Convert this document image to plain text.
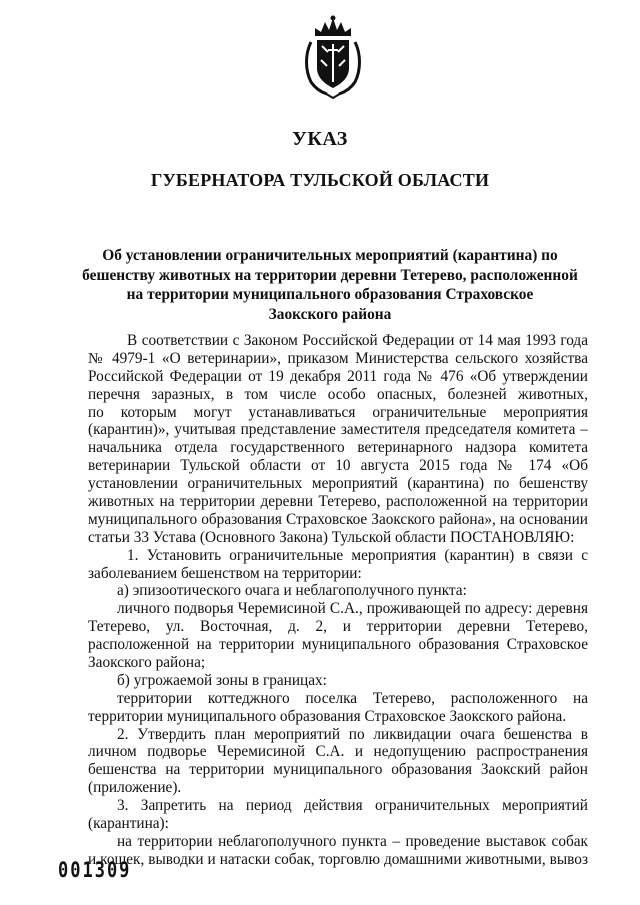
УКАЗ
ГУБЕРНАТОРА ТУЛЬСКОЙ ОБЛАСТИ
Об установлении ограничительных мероприятий (карантина) по
бешенству животных на территории деревни Тетерево, расположенной
на территории муниципального образования Страховское
Заокского района
В соответствии с Законом Российской Федерации от 14 мая 1993 года
№ 4979-1 «О ветеринарии», приказом Министерства сельского хозяйства
Российской Федерации от 19 декабря 2011 года № 476 «Об утверждении
перечня заразных, в том числе особо опасных, болезней животных,
по которым могут устанавливаться ограничительные мероприятия
(карантин)», учитывая представление заместителя председателя комитета –
начальника отдела государственного ветеринарного надзора комитета
ветеринарии Тульской области от 10 августа 2015 года № 174 «Об
установлении ограничительных мероприятий (карантина) по бешенству
животных на территории деревни Тетерево, расположенной на территории
муниципального образования Страховское Заокского района», на основании
статьи 33 Устава (Основного Закона) Тульской области ПОСТАНОВЛЯЮ:
1. Установить ограничительные мероприятия (карантин) в связи с
заболеванием бешенством на территории:
а) эпизоотического очага и неблагополучного пункта:
личного подворья Черемисиной С.А., проживающей по адресу: деревня
Тетерево, ул. Восточная, д. 2, и территории деревни Тетерево,
расположенной на территории муниципального образования Страховское
Заокского района;
б) угрожаемой зоны в границах:
территории коттеджного поселка Тетерево, расположенного на
территории муниципального образования Страховское Заокского района.
2. Утвердить план мероприятий по ликвидации очага бешенства в
личном подворье Черемисиной С.А. и недопущению распространения
бешенства на территории муниципального образования Заокский район
(приложение).
3. Запретить на период действия ограничительных мероприятий
(карантина):
на территории неблагополучного пункта – проведение выставок собак
и кошек, выводки и натаски собак, торговлю домашними животными, вывоз
001309
